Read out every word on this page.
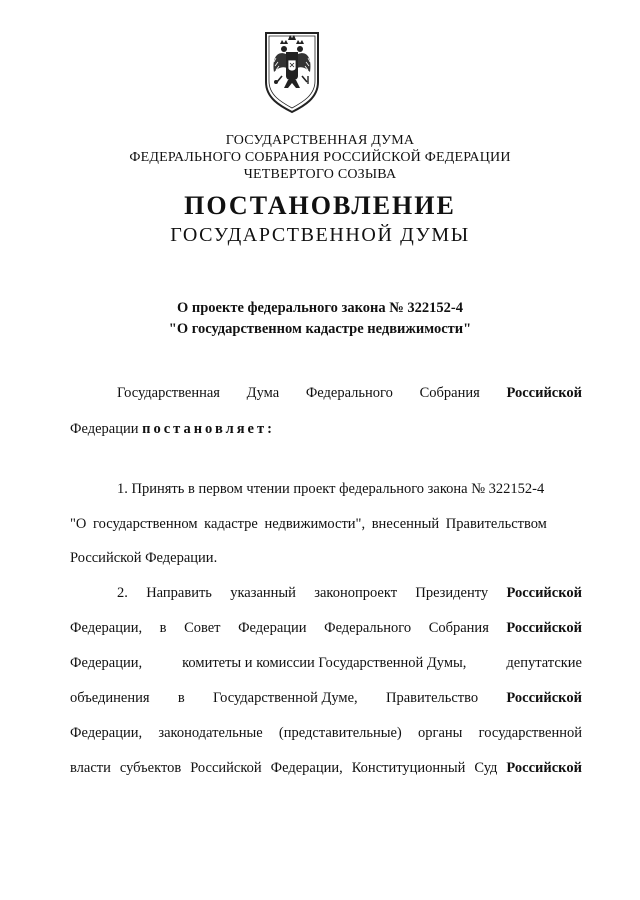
ГОСУДАРСТВЕННАЯ ДУМА
ФЕДЕРАЛЬНОГО СОБРАНИЯ РОССИЙСКОЙ ФЕДЕРАЦИИ
ЧЕТВЕРТОГО СОЗЫВА
ПОСТАНОВЛЕНИЕ
ГОСУДАРСТВЕННОЙ ДУМЫ
О проекте федерального закона № 322152-4
"О государственном кадастре недвижимости"
Государственная Дума Федерального Собрания Российской
Федерации постановляет:
1. Принять в первом чтении проект федерального закона № 322152-4
"О государственном кадастре недвижимости", внесенный Правительством
Российской Федерации.
2. Направить указанный законопроект Президенту Российской
Федерации, в Совет Федерации Федерального Собрания Российской
Федерации,	комитеты и комиссии Государственной Думы,	депутатские
объединения в Государственной Думе, Правительство Российской
Федерации, законодательные (представительные) органы государственной
власти субъектов Российской Федерации, Конституционный Суд Российской
